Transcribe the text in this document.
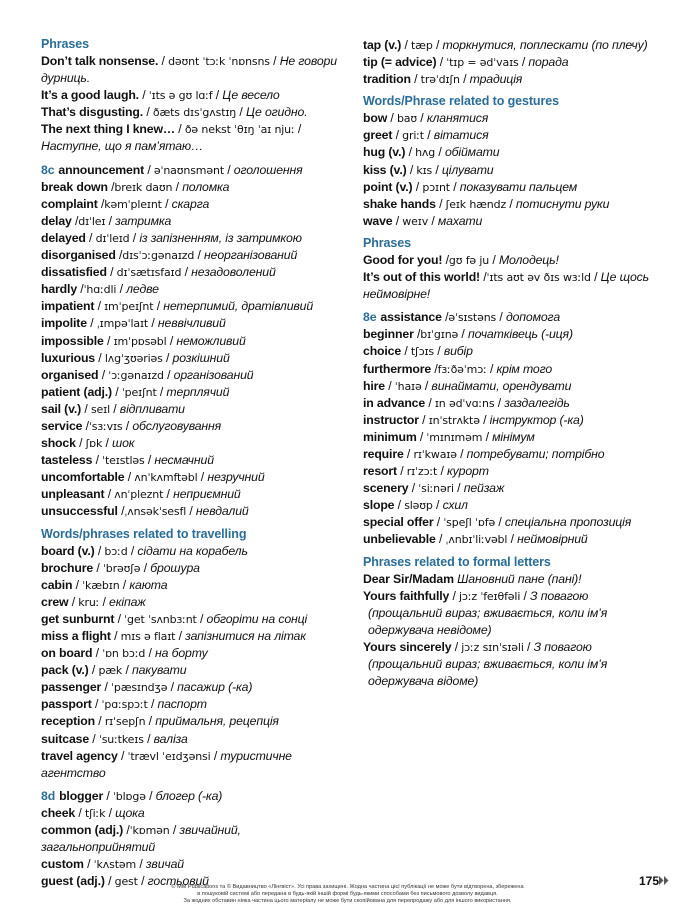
Phrases
Don’t talk nonsense. / dəʊnt ˈtɔːk ˈnɒnsns / Не говори дурниць.
It’s a good laugh. / ˈɪts ə gʊ lɑːf / Це весело
That’s disgusting. / ðæts dɪsˈgʌstɪŋ / Це огидно.
The next thing I knew… / ðə nekst ˈθɪŋ ˈaɪ njuː / Наступне, що я пам’ятаю…
8c announcement / əˈnaʊnsmənt / оголошення
break down /breɪk daʊn / поломка
complaint /kəmˈpleɪnt / скарга
delay /dɪˈleɪ / затримка
delayed / dɪˈleɪd / із запізненням, із затримкою
disorganised /dɪsˈɔːgənaɪzd / неорганізований
dissatisfied / dɪˈsætɪsfaɪd / незадоволений
hardly /ˈhɑːdli / ледве
impatient / ɪmˈpeɪʃnt / нетерпимий, дратівливий
impolite / ˌɪmpəˈlaɪt / неввічливий
impossible / ɪmˈpɒsəbl / неможливий
luxurious / lʌgˈʒʊəriəs / розкішний
organised / ˈɔːgənaɪzd / організований
patient (adj.) / ˈpeɪʃnt / терплячий
sail (v.) / seɪl / відпливати
service /ˈsɜːvɪs / обслуговування
shock / ʃɒk / шок
tasteless / ˈteɪstləs / несмачний
uncomfortable / ʌnˈkʌmftəbl / незручний
unpleasant / ʌnˈpleznt / неприємний
unsuccessful /ˌʌnsəkˈsesfl / невдалий
Words/phrases related to travelling
board (v.) / bɔːd / сідати на корабель
brochure / ˈbrəʊʃə / брошура
cabin / ˈkæbɪn / каюта
crew / kruː / екіпаж
get sunburnt / ˈget ˈsʌnbɜːnt / обгоріти на сонці
miss a flight / mɪs ə flaɪt / запізнитися на літак
on board / ˈɒn bɔːd / на борту
pack (v.) / pæk / пакувати
passenger / ˈpæsɪndʒə / пасажир (-ка)
passport / ˈpɑːspɔːt / паспорт
reception / rɪˈsepʃn / приймальня, рецепція
suitcase / ˈsuːtkeɪs / валіза
travel agency / ˈtrævl ˈeɪdʒənsi / туристичне агентство
8d blogger / ˈblɒgə / блогер (-ка)
cheek / tʃiːk / щока
common (adj.) /ˈkɒmən / звичайний, загальноприйнятий
custom / ˈkʌstəm / звичай
guest (adj.) / gest / гостьовий
tap (v.) / tæp / торкнутися, поплескати (по плечу)
tip (= advice) / ˈtɪp = ədˈvaɪs / порада
tradition / trəˈdɪʃn / традиція
Words/Phrase related to gestures
bow / baʊ / кланятися
greet / griːt / вітатися
hug (v.) / hʌg / обіймати
kiss (v.) / kɪs / цілувати
point (v.) / pɔɪnt / показувати пальцем
shake hands / ʃeɪk hændz / потиснути руки
wave / weɪv / махати
Phrases
Good for you! /gʊ fə ju / Молодець!
It’s out of this world! /ˈɪts aʊt əv ðɪs wɜːld / Це щось неймовірне!
8e assistance /əˈsɪstəns / допомога
beginner /bɪˈgɪnə / початківець (-иця)
choice / tʃɔɪs / вибір
furthermore /fɜːðəˈmɔː / крім того
hire / ˈhaɪə / винаймати, орендувати
in advance / ɪn ədˈvɑːns / заздалегідь
instructor / ɪnˈstrʌktə / інструктор (-ка)
minimum / ˈmɪnɪməm / мінімум
require / rɪˈkwaɪə / потребувати; потрібно
resort / rɪˈzɔːt / курорт
scenery / ˈsiːnəri / пейзаж
slope / sləʊp / схил
special offer / ˈspeʃl ˈɒfə / спеціальна пропозиція
unbelievable / ˌʌnbɪˈliːvəbl / неймовірний
Phrases related to formal letters
Dear Sir/Madam Шановний пане (пані)!
Yours faithfully / jɔːz ˈfeɪθfəli / З повагою
(прощальний вираз; вживається, коли ім’я одержувача невідоме)
Yours sincerely / jɔːz sɪnˈsɪəli / З повагою
(прощальний вираз; вживається, коли ім’я одержувача відоме)
175
© MM Publications та © Видавництво «Лінгвіст». Усі права захищені. Жодна частина цієї публікації не може бути відтворена, збережена
в пошуковій системі або передана в будь-якій іншій формі будь-якими способами без письмового дозволу видавця.
За жодних обставин ніяка частина цього матеріалу не може бути скопійована для перепродажу або для іншого використання.
